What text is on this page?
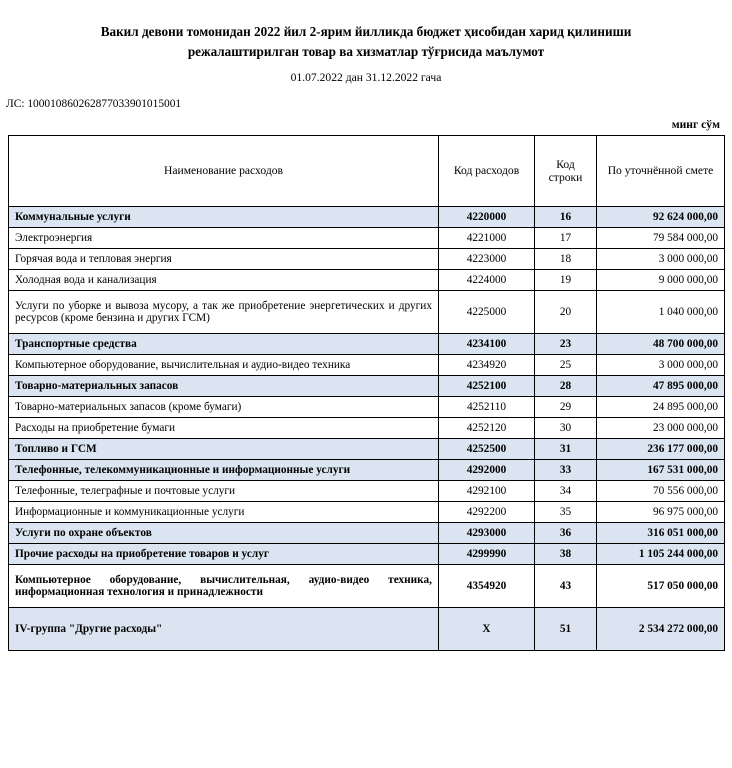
Вакил девони томонидан 2022 йил 2-ярим йилликда бюджет ҳисобидан харид қилиниши
режалаштирилган товар ва хизматлар тўғрисида маълумот
01.07.2022 дан 31.12.2022 гача
ЛС: 100010860262877033901015001
минг сўм
Наименование расходов	Код расходов	Код строки	По уточнённой смете
Коммунальные услуги	4220000	16	92 624 000,00
Электроэнергия	4221000	17	79 584 000,00
Горячая вода и тепловая энергия	4223000	18	3 000 000,00
Холодная вода и канализация	4224000	19	9 000 000,00
Услуги по уборке и вывоза мусору, а так же приобретение энергетических и других ресурсов (кроме бензина и других ГСМ)	4225000	20	1 040 000,00
Транспортные средства	4234100	23	48 700 000,00
Компьютерное оборудование, вычислительная и аудио-видео техника	4234920	25	3 000 000,00
Товарно-материальных запасов	4252100	28	47 895 000,00
Товарно-материальных запасов (кроме бумаги)	4252110	29	24 895 000,00
Расходы на приобретение бумаги	4252120	30	23 000 000,00
Топливо и ГСМ	4252500	31	236 177 000,00
Телефонные, телекоммуникационные и информационные услуги	4292000	33	167 531 000,00
Телефонные, телеграфные и почтовые услуги	4292100	34	70 556 000,00
Информационные и коммуникационные услуги	4292200	35	96 975 000,00
Услуги по охране объектов	4293000	36	316 051 000,00
Прочие расходы на приобретение товаров и услуг	4299990	38	1 105 244 000,00
Компьютерное оборудование, вычислительная, аудио-видео техника, информационная технология и принадлежности	4354920	43	517 050 000,00
IV-группа "Другие расходы"	X	51	2 534 272 000,00
